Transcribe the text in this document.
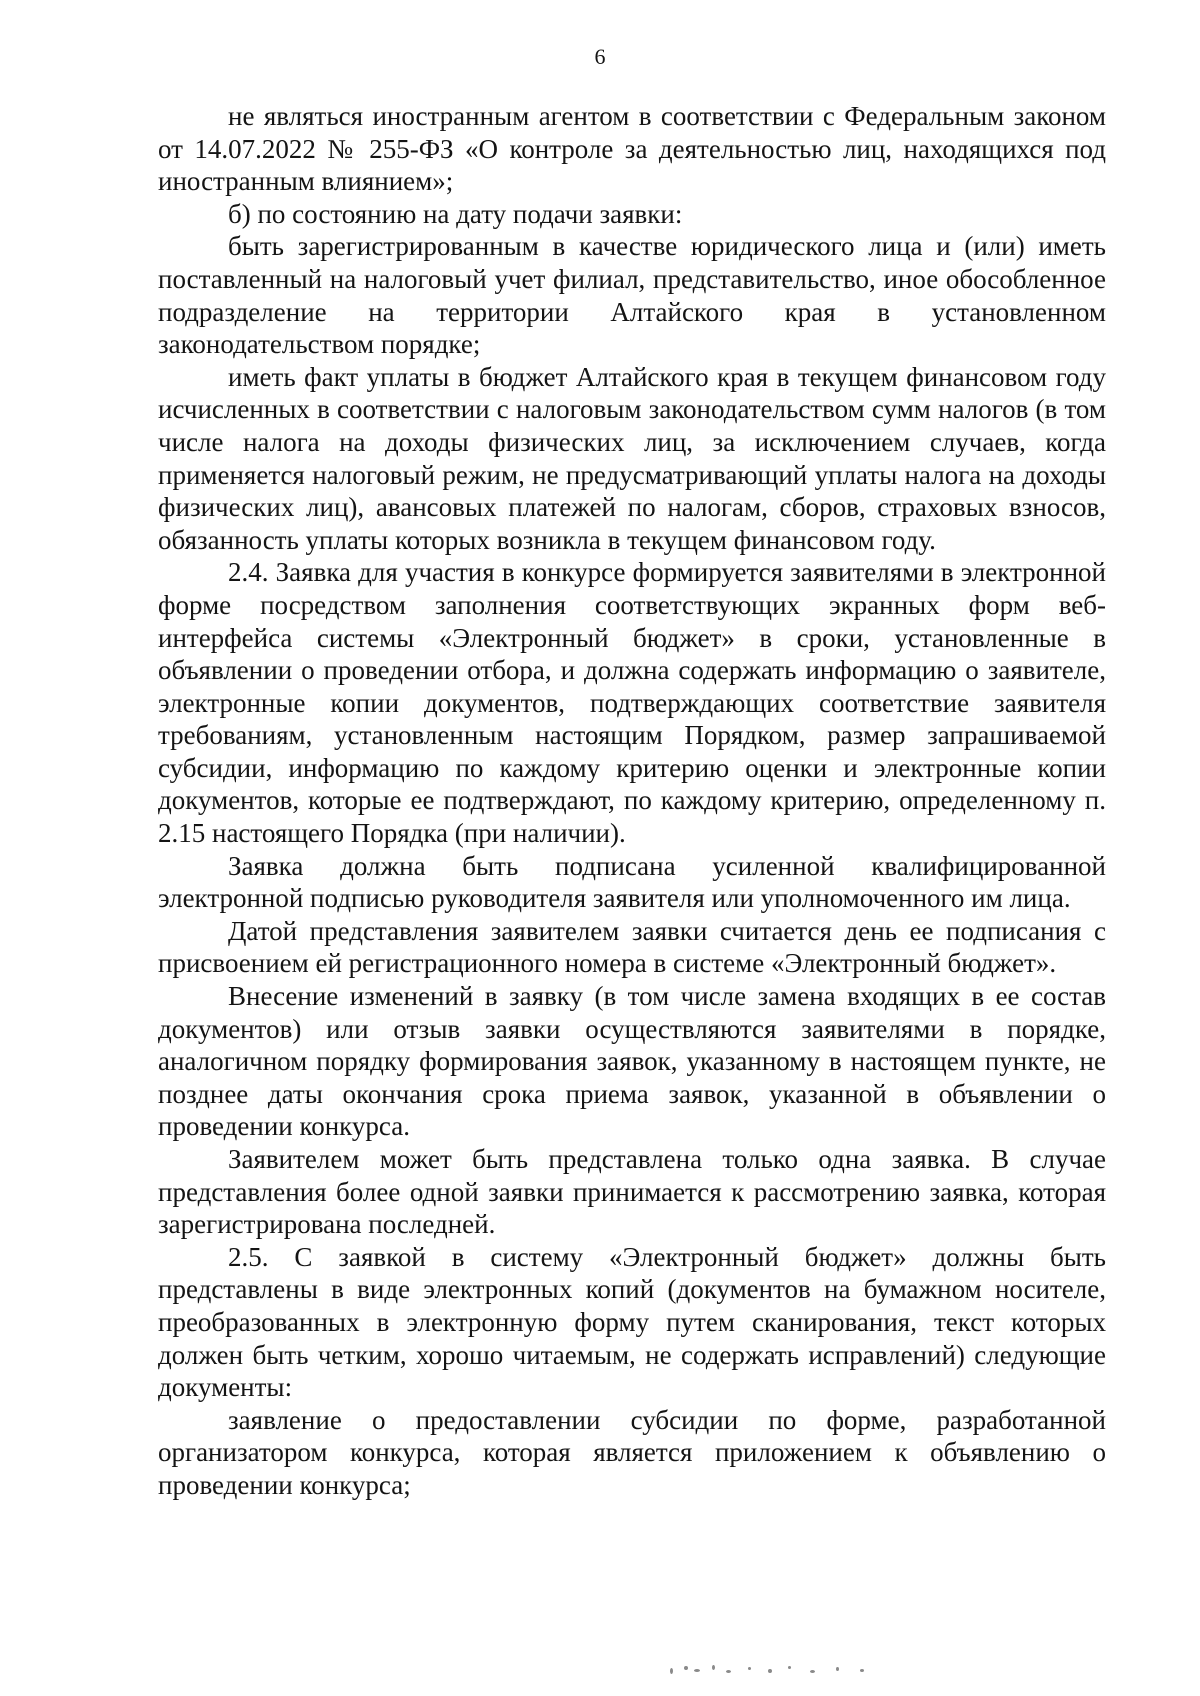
6

не являться иностранным агентом в соответствии с Федеральным законом от 14.07.2022 № 255-ФЗ «О контроле за деятельностью лиц, находящихся под иностранным влиянием»;

б) по состоянию на дату подачи заявки:

быть зарегистрированным в качестве юридического лица и (или) иметь поставленный на налоговый учет филиал, представительство, иное обособленное подразделение на территории Алтайского края в установленном законодательством порядке;

иметь факт уплаты в бюджет Алтайского края в текущем финансовом году исчисленных в соответствии с налоговым законодательством сумм налогов (в том числе налога на доходы физических лиц, за исключением случаев, когда применяется налоговый режим, не предусматривающий уплаты налога на доходы физических лиц), авансовых платежей по налогам, сборов, страховых взносов, обязанность уплаты которых возникла в текущем финансовом году.

2.4. Заявка для участия в конкурсе формируется заявителями в электронной форме посредством заполнения соответствующих экранных форм веб-интерфейса системы «Электронный бюджет» в сроки, установленные в объявлении о проведении отбора, и должна содержать информацию о заявителе, электронные копии документов, подтверждающих соответствие заявителя требованиям, установленным настоящим Порядком, размер запрашиваемой субсидии, информацию по каждому критерию оценки и электронные копии документов, которые ее подтверждают, по каждому критерию, определенному п. 2.15 настоящего Порядка (при наличии).

Заявка должна быть подписана усиленной квалифицированной электронной подписью руководителя заявителя или уполномоченного им лица.

Датой представления заявителем заявки считается день ее подписания с присвоением ей регистрационного номера в системе «Электронный бюджет».

Внесение изменений в заявку (в том числе замена входящих в ее состав документов) или отзыв заявки осуществляются заявителями в порядке, аналогичном порядку формирования заявок, указанному в настоящем пункте, не позднее даты окончания срока приема заявок, указанной в объявлении о проведении конкурса.

Заявителем может быть представлена только одна заявка. В случае представления более одной заявки принимается к рассмотрению заявка, которая зарегистрирована последней.

2.5. С заявкой в систему «Электронный бюджет» должны быть представлены в виде электронных копий (документов на бумажном носителе, преобразованных в электронную форму путем сканирования, текст которых должен быть четким, хорошо читаемым, не содержать исправлений) следующие документы:

заявление о предоставлении субсидии по форме, разработанной организатором конкурса, которая является приложением к объявлению о проведении конкурса;
